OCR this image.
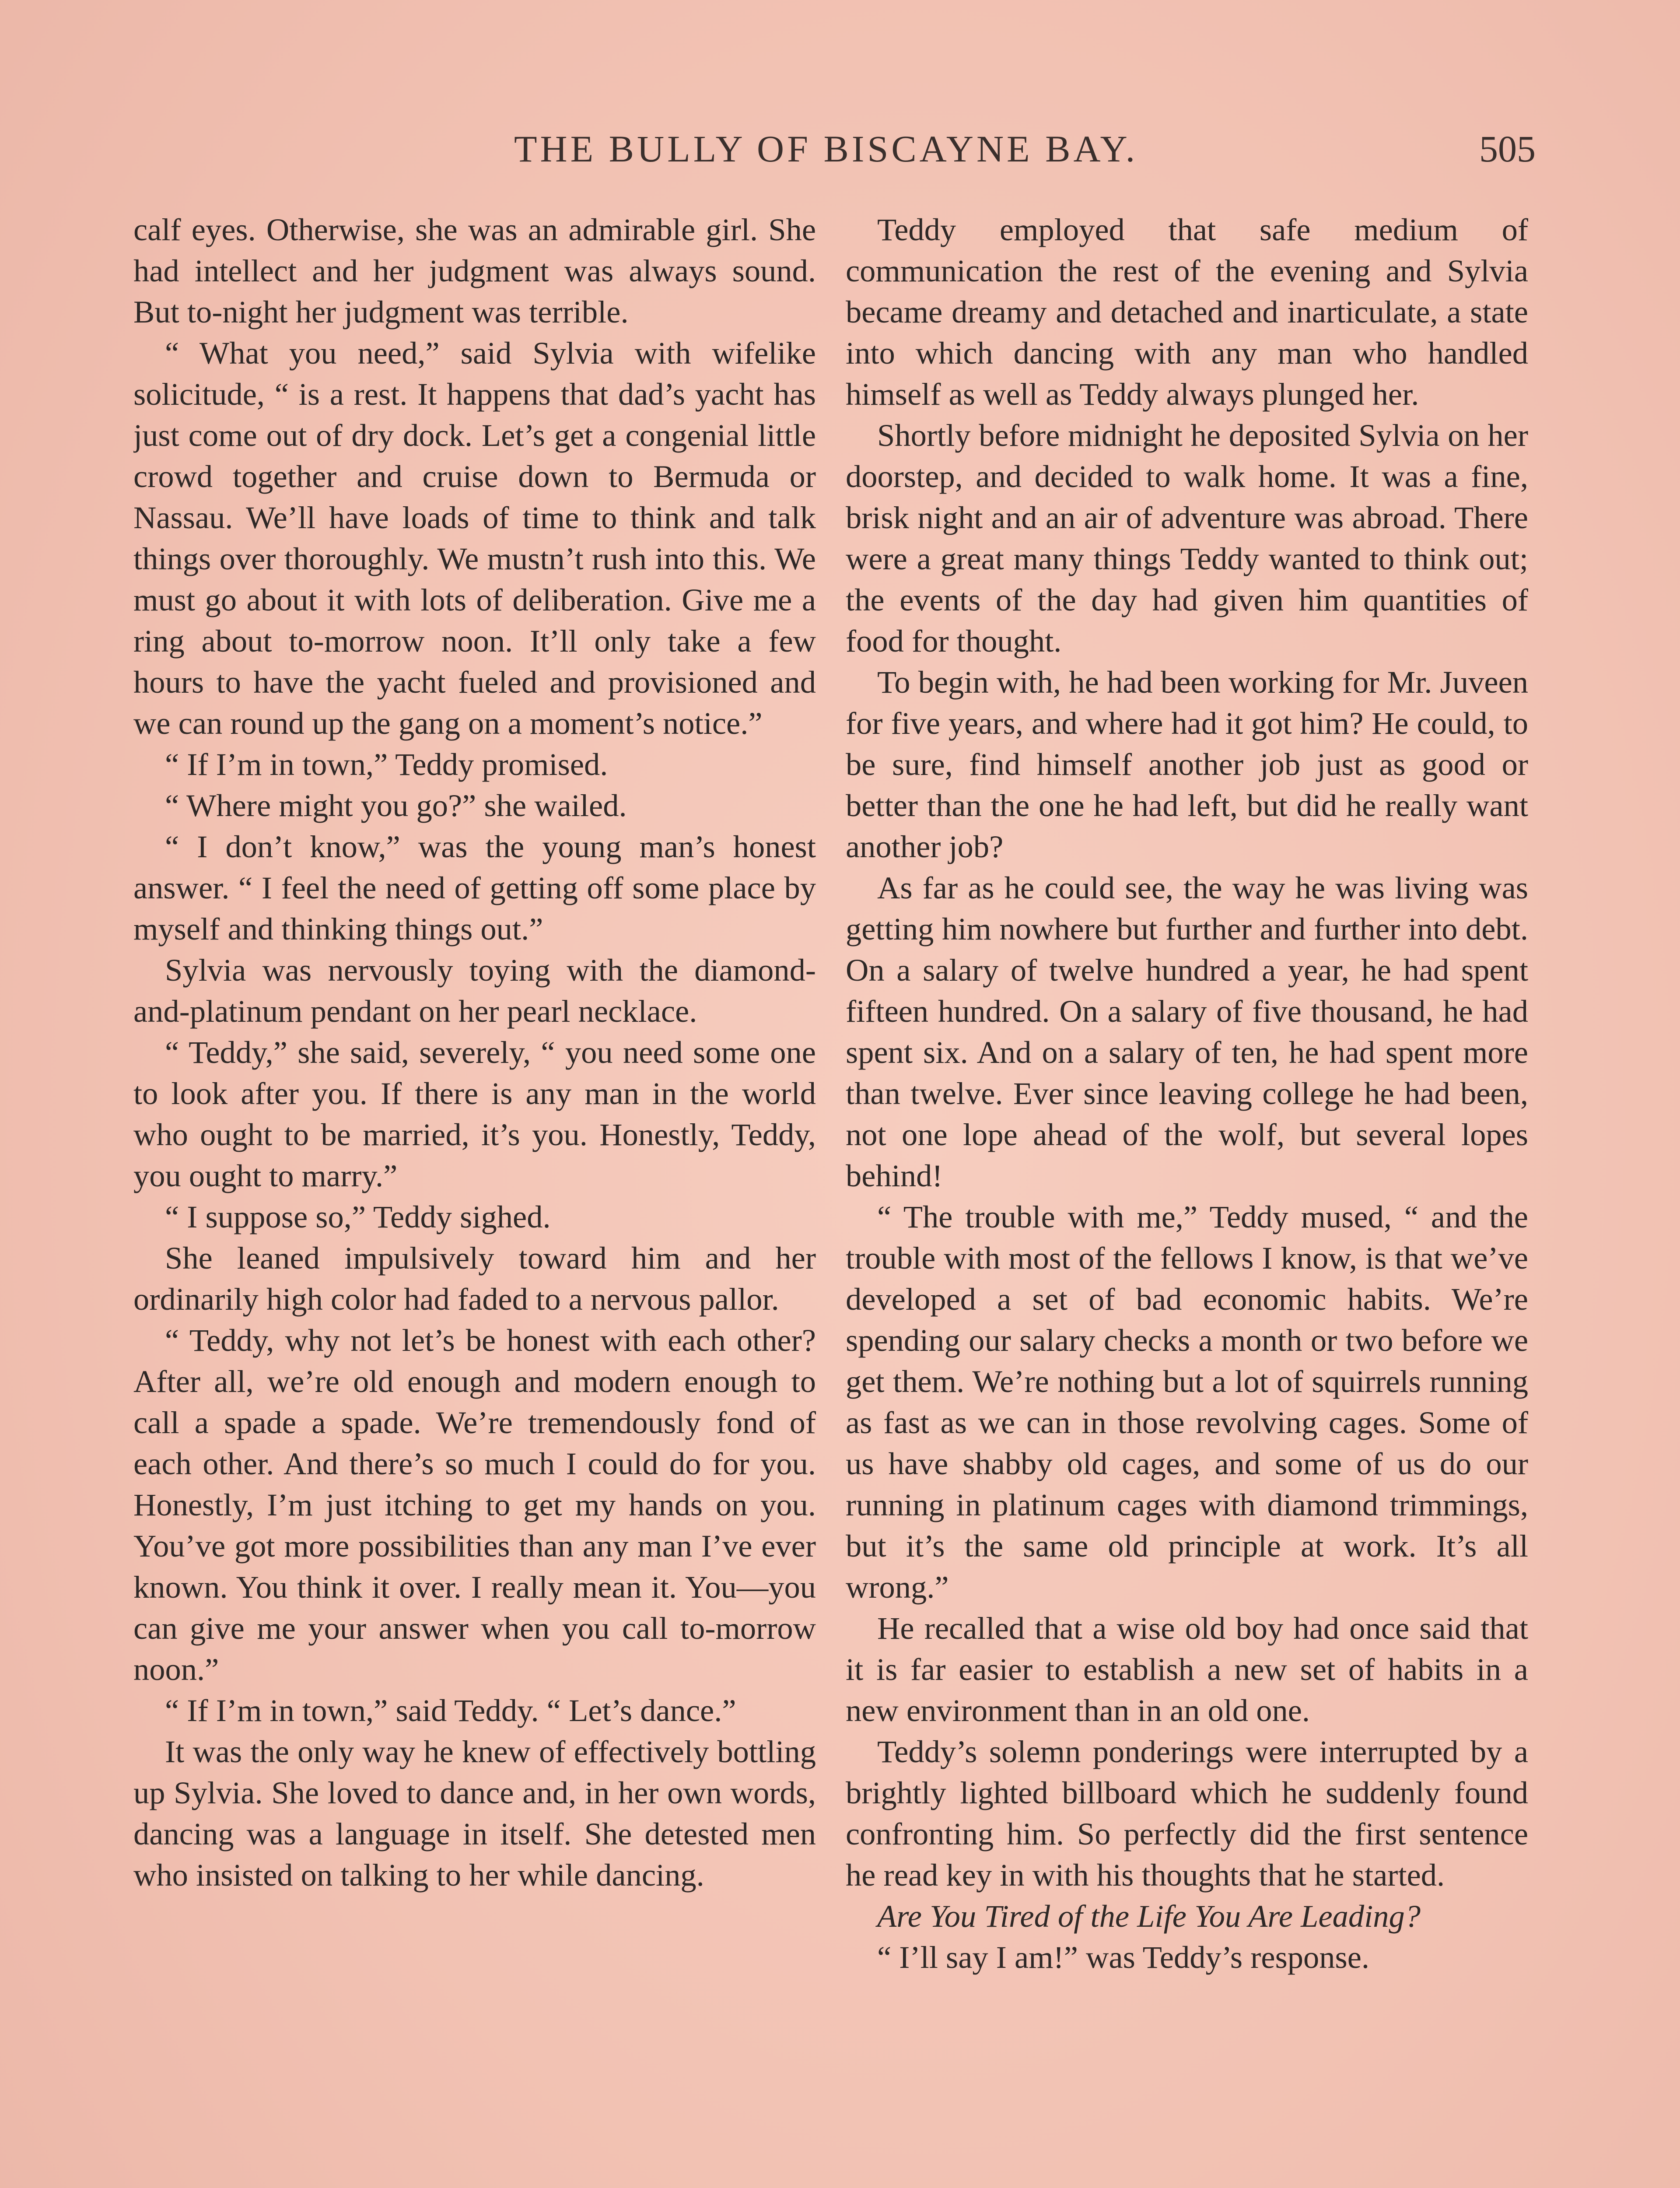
THE BULLY OF BISCAYNE BAY.	505

calf eyes. Otherwise, she was an admirable girl. She had intellect and her judgment was always sound. But to-night her judgment was terrible.

“ What you need,” said Sylvia with wifelike solicitude, “ is a rest. It happens that dad’s yacht has just come out of dry dock. Let’s get a congenial little crowd together and cruise down to Bermuda or Nassau. We’ll have loads of time to think and talk things over thoroughly. We mustn’t rush into this. We must go about it with lots of deliberation. Give me a ring about to-morrow noon. It’ll only take a few hours to have the yacht fueled and provisioned and we can round up the gang on a moment’s notice.”

“ If I’m in town,” Teddy promised.

“ Where might you go?” she wailed.

“ I don’t know,” was the young man’s honest answer. “ I feel the need of getting off some place by myself and thinking things out.”

Sylvia was nervously toying with the diamond-and-platinum pendant on her pearl necklace.

“ Teddy,” she said, severely, “ you need some one to look after you. If there is any man in the world who ought to be married, it’s you. Honestly, Teddy, you ought to marry.”

“ I suppose so,” Teddy sighed.

She leaned impulsively toward him and her ordinarily high color had faded to a nervous pallor.

“ Teddy, why not let’s be honest with each other? After all, we’re old enough and modern enough to call a spade a spade. We’re tremendously fond of each other. And there’s so much I could do for you. Honestly, I’m just itching to get my hands on you. You’ve got more possibilities than any man I’ve ever known. You think it over. I really mean it. You—you can give me your answer when you call to-morrow noon.”

“ If I’m in town,” said Teddy. “ Let’s dance.”

It was the only way he knew of effectively bottling up Sylvia. She loved to dance and, in her own words, dancing was a language in itself. She detested men who insisted on talking to her while dancing.

Teddy employed that safe medium of communication the rest of the evening and Sylvia became dreamy and detached and inarticulate, a state into which dancing with any man who handled himself as well as Teddy always plunged her.

Shortly before midnight he deposited Sylvia on her doorstep, and decided to walk home. It was a fine, brisk night and an air of adventure was abroad. There were a great many things Teddy wanted to think out; the events of the day had given him quantities of food for thought.

To begin with, he had been working for Mr. Juveen for five years, and where had it got him? He could, to be sure, find himself another job just as good or better than the one he had left, but did he really want another job?

As far as he could see, the way he was living was getting him nowhere but further and further into debt. On a salary of twelve hundred a year, he had spent fifteen hundred. On a salary of five thousand, he had spent six. And on a salary of ten, he had spent more than twelve. Ever since leaving college he had been, not one lope ahead of the wolf, but several lopes behind!

“ The trouble with me,” Teddy mused, “ and the trouble with most of the fellows I know, is that we’ve developed a set of bad economic habits. We’re spending our salary checks a month or two before we get them. We’re nothing but a lot of squirrels running as fast as we can in those revolving cages. Some of us have shabby old cages, and some of us do our running in platinum cages with diamond trimmings, but it’s the same old principle at work. It’s all wrong.”

He recalled that a wise old boy had once said that it is far easier to establish a new set of habits in a new environment than in an old one.

Teddy’s solemn ponderings were interrupted by a brightly lighted billboard which he suddenly found confronting him. So perfectly did the first sentence he read key in with his thoughts that he started.

Are You Tired of the Life You Are Leading?

“ I’ll say I am!” was Teddy’s response.
